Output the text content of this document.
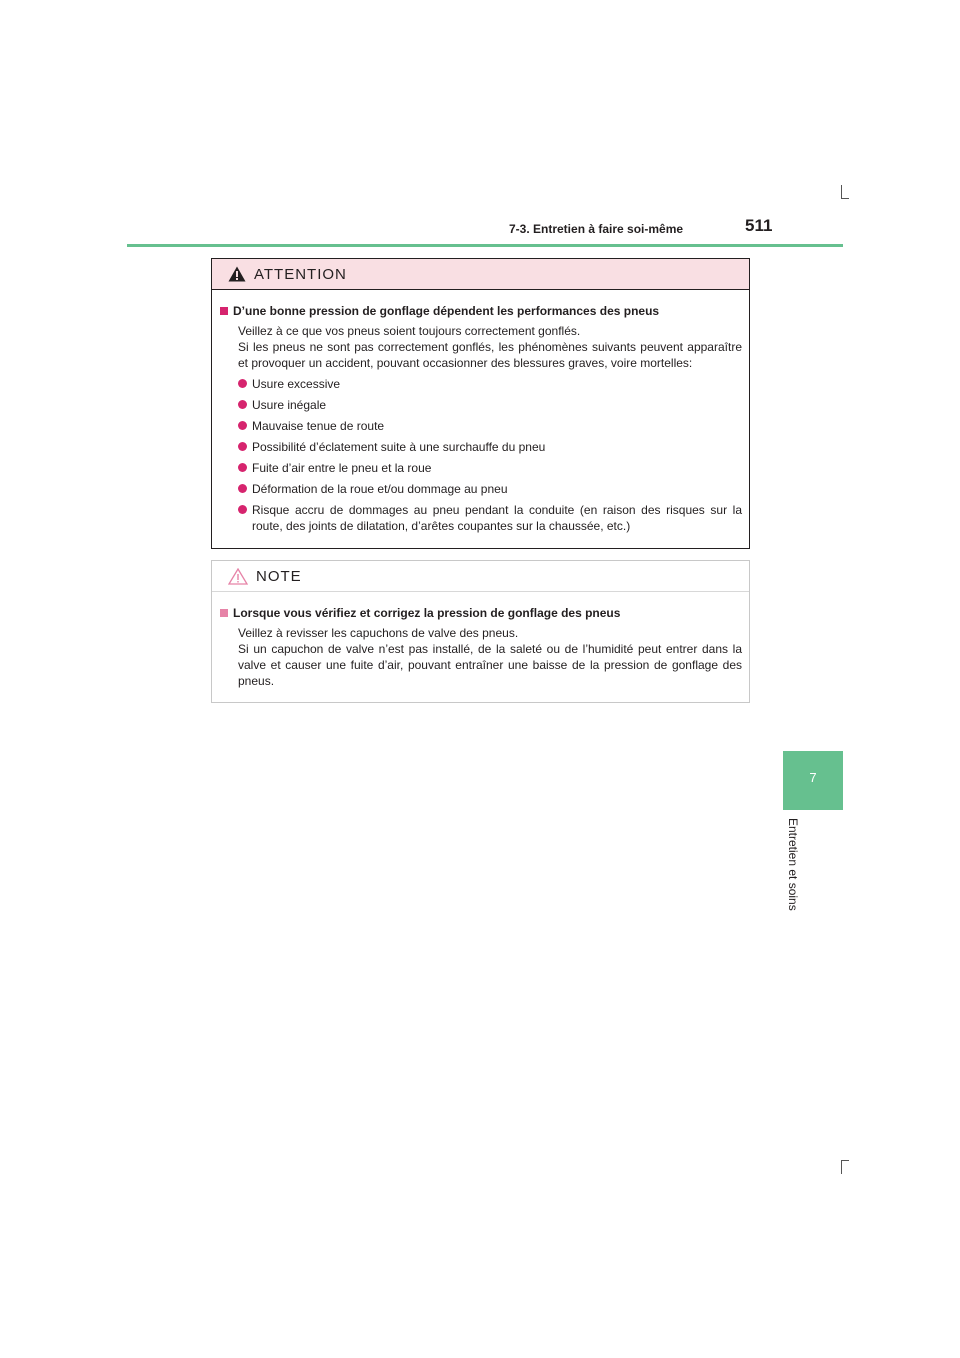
7-3. Entretien à faire soi-même	511
7
Entretien et soins
ATTENTION
D’une bonne pression de gonflage dépendent les performances des pneus
Veillez à ce que vos pneus soient toujours correctement gonflés.
Si les pneus ne sont pas correctement gonflés, les phénomènes suivants peuvent apparaître et provoquer un accident, pouvant occasionner des blessures graves, voire mortelles:
Usure excessive
Usure inégale
Mauvaise tenue de route
Possibilité d’éclatement suite à une surchauffe du pneu
Fuite d’air entre le pneu et la roue
Déformation de la roue et/ou dommage au pneu
Risque accru de dommages au pneu pendant la conduite (en raison des risques sur la route, des joints de dilatation, d’arêtes coupantes sur la chaussée, etc.)
NOTE
Lorsque vous vérifiez et corrigez la pression de gonflage des pneus
Veillez à revisser les capuchons de valve des pneus.
Si un capuchon de valve n’est pas installé, de la saleté ou de l’humidité peut entrer dans la valve et causer une fuite d’air, pouvant entraîner une baisse de la pression de gonflage des pneus.
